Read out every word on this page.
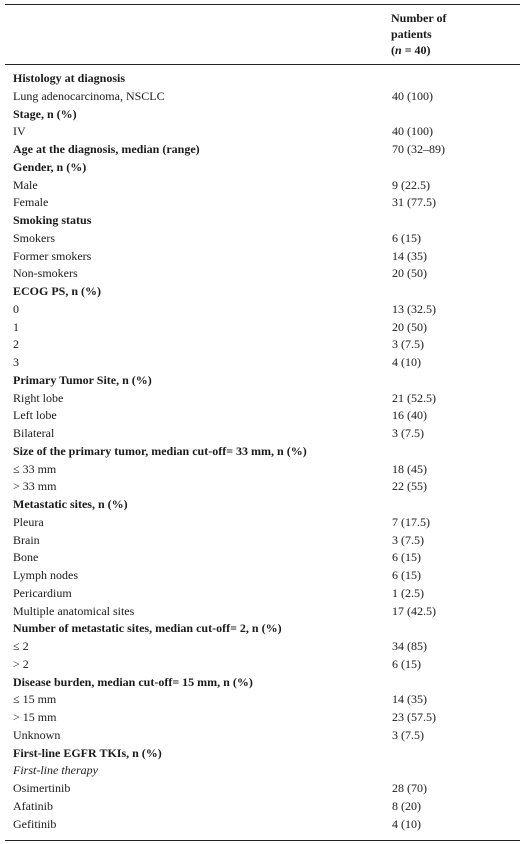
Number of
patients
(n = 40)
Histology at diagnosis
Lung adenocarcinoma, NSCLC	40 (100)
Stage, n (%)
IV	40 (100)
Age at the diagnosis, median (range)	70 (32–89)
Gender, n (%)
Male	9 (22.5)
Female	31 (77.5)
Smoking status
Smokers	6 (15)
Former smokers	14 (35)
Non-smokers	20 (50)
ECOG PS, n (%)
0	13 (32.5)
1	20 (50)
2	3 (7.5)
3	4 (10)
Primary Tumor Site, n (%)
Right lobe	21 (52.5)
Left lobe	16 (40)
Bilateral	3 (7.5)
Size of the primary tumor, median cut-off= 33 mm, n (%)
≤ 33 mm	18 (45)
> 33 mm	22 (55)
Metastatic sites, n (%)
Pleura	7 (17.5)
Brain	3 (7.5)
Bone	6 (15)
Lymph nodes	6 (15)
Pericardium	1 (2.5)
Multiple anatomical sites	17 (42.5)
Number of metastatic sites, median cut-off= 2, n (%)
≤ 2	34 (85)
> 2	6 (15)
Disease burden, median cut-off= 15 mm, n (%)
≤ 15 mm	14 (35)
> 15 mm	23 (57.5)
Unknown	3 (7.5)
First-line EGFR TKIs, n (%)
First-line therapy
Osimertinib	28 (70)
Afatinib	8 (20)
Gefitinib	4 (10)
